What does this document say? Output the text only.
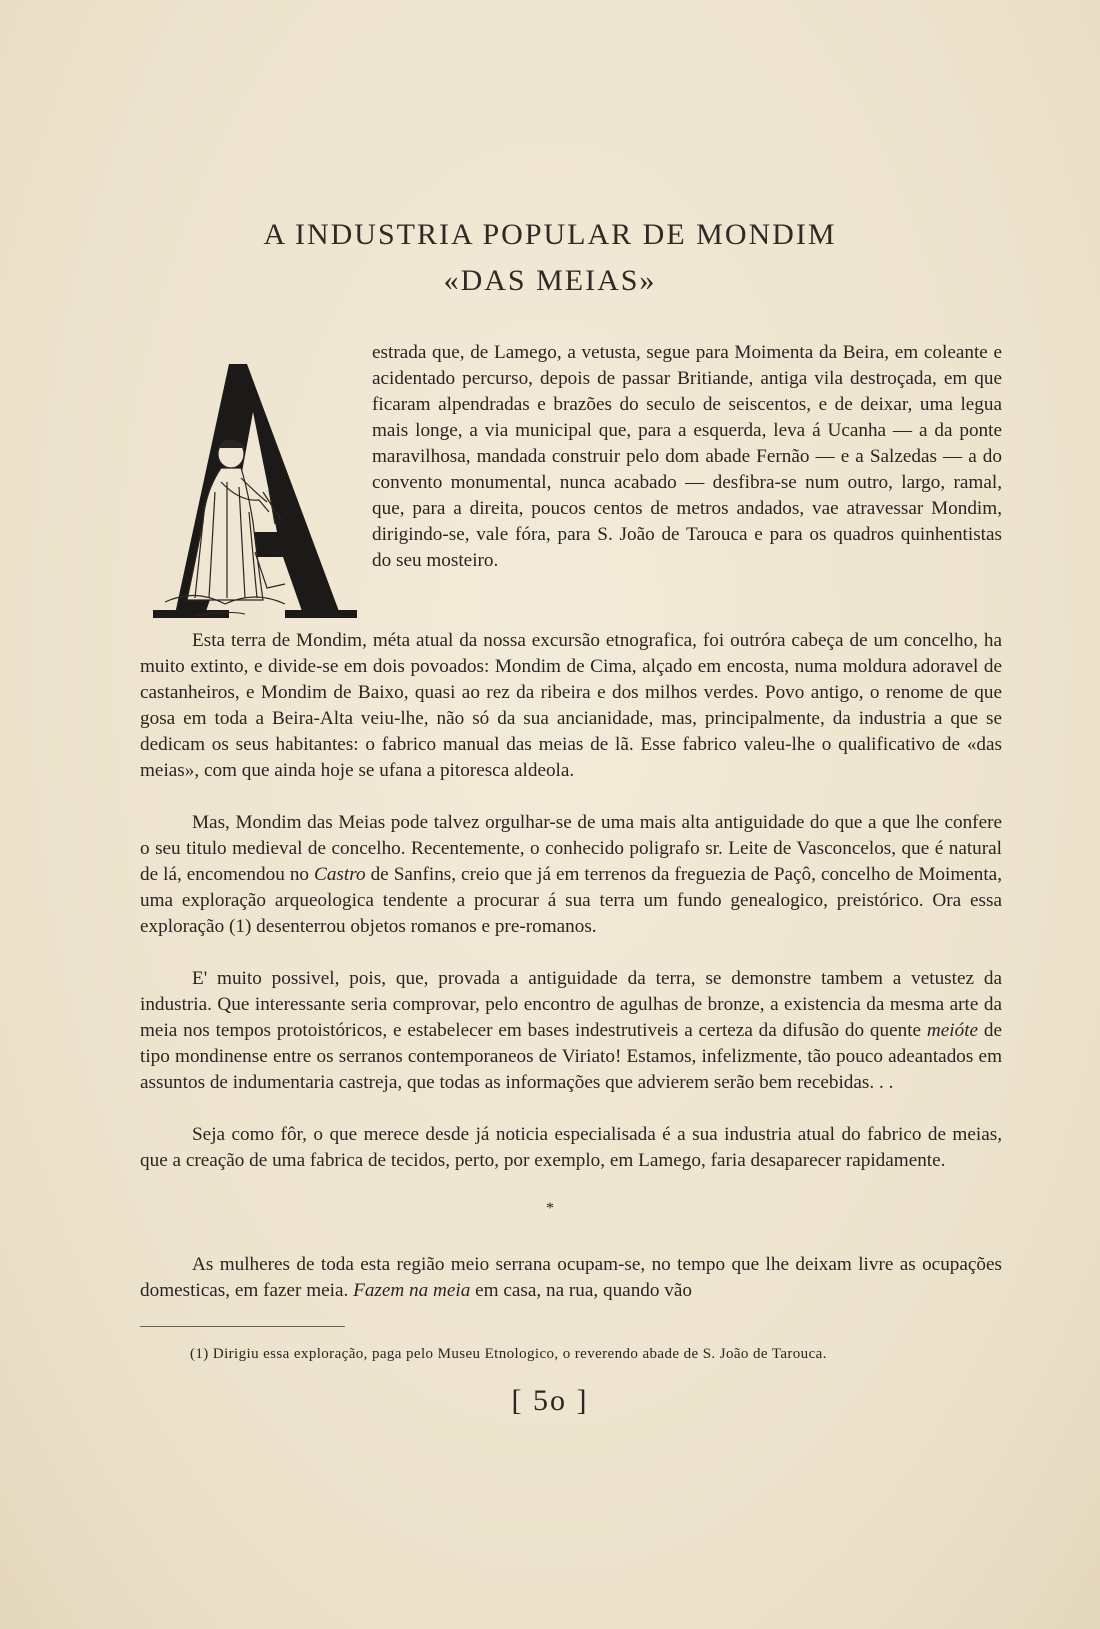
A INDUSTRIA POPULAR DE MONDIM
«DAS MEIAS»

estrada que, de Lamego, a vetusta, segue para Moimenta da Beira, em coleante e acidentado percurso, depois de passar Britiande, antiga vila destroçada, em que ficaram alpendradas e brazões do seculo de seiscentos, e de deixar, uma legua mais longe, a via municipal que, para a esquerda, leva á Ucanha — a da ponte maravilhosa, mandada construir pelo dom abade Fernão — e a Salzedas — a do convento monumental, nunca acabado — desfibra-se num outro, largo, ramal, que, para a direita, poucos centos de metros andados, vae atravessar Mondim, dirigindo-se, vale fóra, para S. João de Tarouca e para os quadros quinhentistas do seu mosteiro.

Esta terra de Mondim, méta atual da nossa excursão etnografica, foi outróra cabeça de um concelho, ha muito extinto, e divide-se em dois povoados: Mondim de Cima, alçado em encosta, numa moldura adoravel de castanheiros, e Mondim de Baixo, quasi ao rez da ribeira e dos milhos verdes. Povo antigo, o renome de que gosa em toda a Beira-Alta veiu-lhe, não só da sua ancianidade, mas, principalmente, da industria a que se dedicam os seus habitantes: o fabrico manual das meias de lã. Esse fabrico valeu-lhe o qualificativo de «das meias», com que ainda hoje se ufana a pitoresca aldeola.

Mas, Mondim das Meias pode talvez orgulhar-se de uma mais alta antiguidade do que a que lhe confere o seu titulo medieval de concelho. Recentemente, o conhecido poligrafo sr. Leite de Vasconcelos, que é natural de lá, encomendou no Castro de Sanfins, creio que já em terrenos da freguezia de Paçô, concelho de Moimenta, uma exploração arqueologica tendente a procurar á sua terra um fundo genealogico, preistórico. Ora essa exploração (1) desenterrou objetos romanos e pre-romanos.

E' muito possivel, pois, que, provada a antiguidade da terra, se demonstre tambem a vetustez da industria. Que interessante seria comprovar, pelo encontro de agulhas de bronze, a existencia da mesma arte da meia nos tempos protoistóricos, e estabelecer em bases indestrutiveis a certeza da difusão do quente meióte de tipo mondinense entre os serranos contemporaneos de Viriato! Estamos, infelizmente, tão pouco adeantados em assuntos de indumentaria castreja, que todas as informações que advierem serão bem recebidas. . .

Seja como fôr, o que merece desde já noticia especialisada é a sua industria atual do fabrico de meias, que a creação de uma fabrica de tecidos, perto, por exemplo, em Lamego, faria desaparecer rapidamente.

*

As mulheres de toda esta região meio serrana ocupam-se, no tempo que lhe deixam livre as ocupações domesticas, em fazer meia. Fazem na meia em casa, na rua, quando vão

(1) Dirigiu essa exploração, paga pelo Museu Etnologico, o reverendo abade de S. João de Tarouca.
[ 5o ]
